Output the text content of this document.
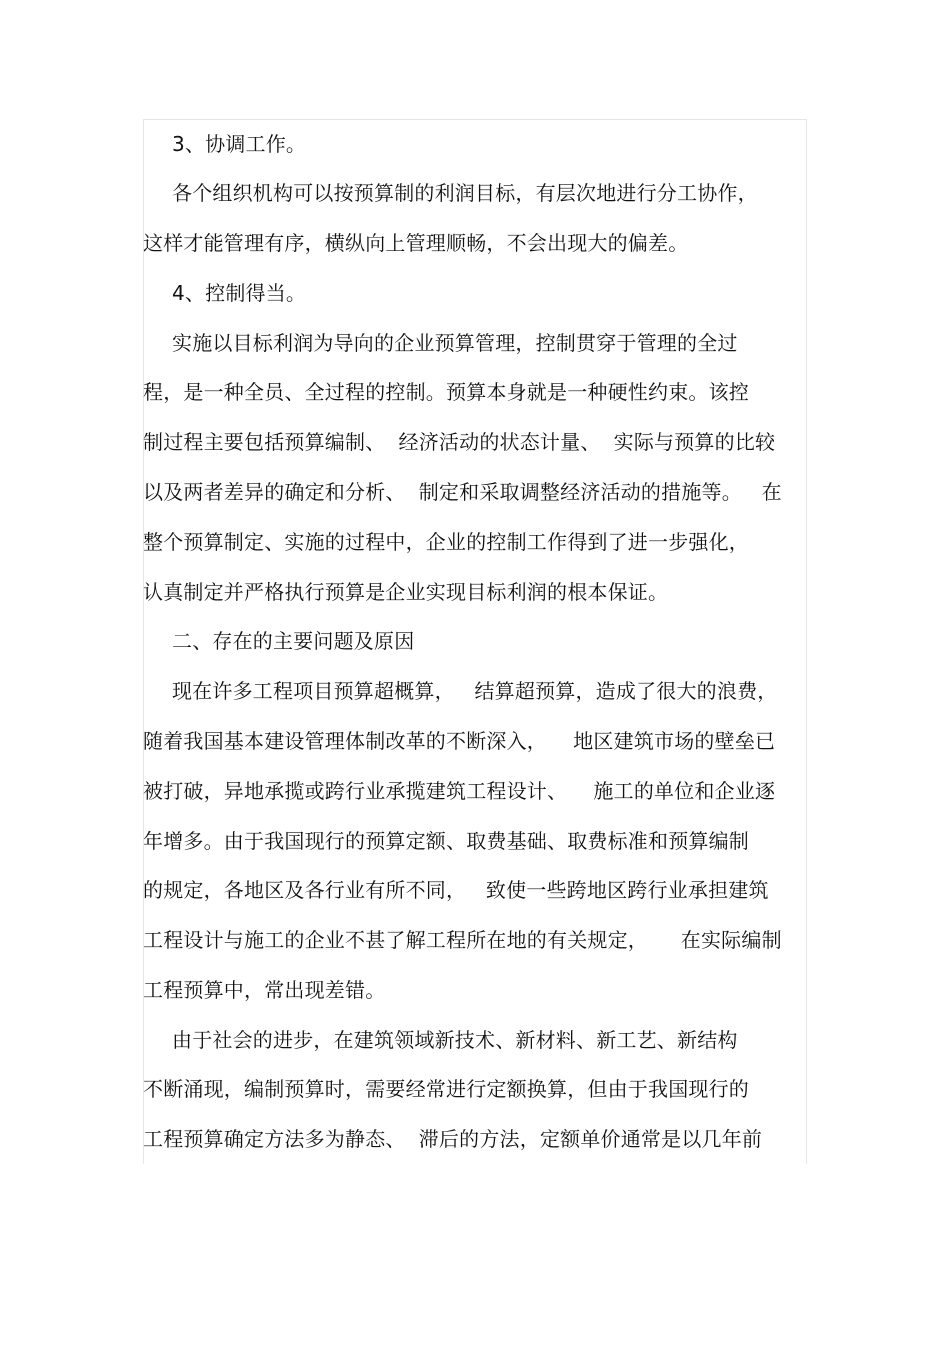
3、协调工作。
各个组织机构可以按预算制的利润目标，有层次地进行分工协作，
这样才能管理有序，横纵向上管理顺畅，不会出现大的偏差。
4、控制得当。
实施以目标利润为导向的企业预算管理，控制贯穿于管理的全过
程，是一种全员、全过程的控制。预算本身就是一种硬性约束。该控
制过程主要包括预算编制、  经济活动的状态计量、  实际与预算的比较
以及两者差异的确定和分析、  制定和采取调整经济活动的措施等。   在
整个预算制定、实施的过程中，企业的控制工作得到了进一步强化，
认真制定并严格执行预算是企业实现目标利润的根本保证。
二、存在的主要问题及原因
现在许多工程项目预算超概算，   结算超预算，造成了很大的浪费，
随着我国基本建设管理体制改革的不断深入，    地区建筑市场的壁垒已
被打破，异地承揽或跨行业承揽建筑工程设计、    施工的单位和企业逐
年增多。由于我国现行的预算定额、取费基础、取费标准和预算编制
的规定，各地区及各行业有所不同，   致使一些跨地区跨行业承担建筑
工程设计与施工的企业不甚了解工程所在地的有关规定，     在实际编制
工程预算中，常出现差错。
由于社会的进步，在建筑领域新技术、新材料、新工艺、新结构
不断涌现，编制预算时，需要经常进行定额换算，但由于我国现行的
工程预算确定方法多为静态、  滞后的方法，定额单价通常是以几年前
